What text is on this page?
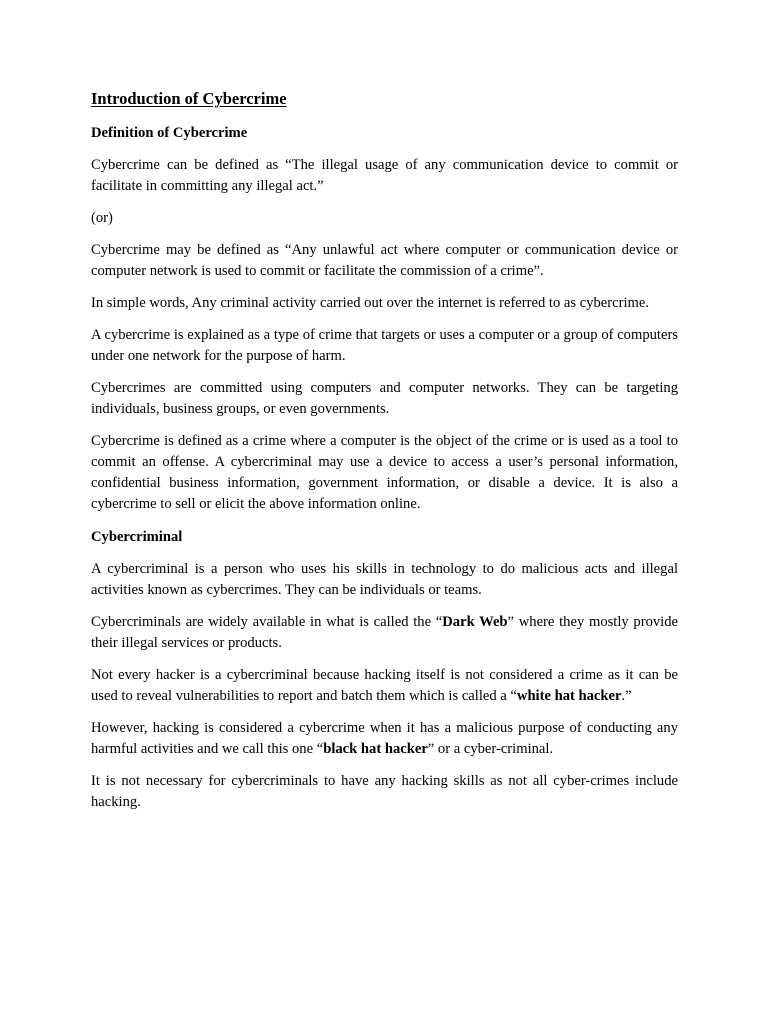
Introduction of Cybercrime
Definition of Cybercrime

Cybercrime can be defined as “The illegal usage of any communication device to commit or facilitate in committing any illegal act.”

(or)

Cybercrime may be defined as “Any unlawful act where computer or communication device or computer network is used to commit or facilitate the commission of a crime”.

In simple words, Any criminal activity carried out over the internet is referred to as cybercrime.

A cybercrime is explained as a type of crime that targets or uses a computer or a group of computers under one network for the purpose of harm.

Cybercrimes are committed using computers and computer networks. They can be targeting individuals, business groups, or even governments.

Cybercrime is defined as a crime where a computer is the object of the crime or is used as a tool to commit an offense. A cybercriminal may use a device to access a user’s personal information, confidential business information, government information, or disable a device. It is also a cybercrime to sell or elicit the above information online.

Cybercriminal

A cybercriminal is a person who uses his skills in technology to do malicious acts and illegal activities known as cybercrimes. They can be individuals or teams.

Cybercriminals are widely available in what is called the “Dark Web” where they mostly provide their illegal services or products.

Not every hacker is a cybercriminal because hacking itself is not considered a crime as it can be used to reveal vulnerabilities to report and batch them which is called a “white hat hacker.”

However, hacking is considered a cybercrime when it has a malicious purpose of conducting any harmful activities and we call this one “black hat hacker” or a cyber-criminal.

It is not necessary for cybercriminals to have any hacking skills as not all cyber-crimes include hacking.
